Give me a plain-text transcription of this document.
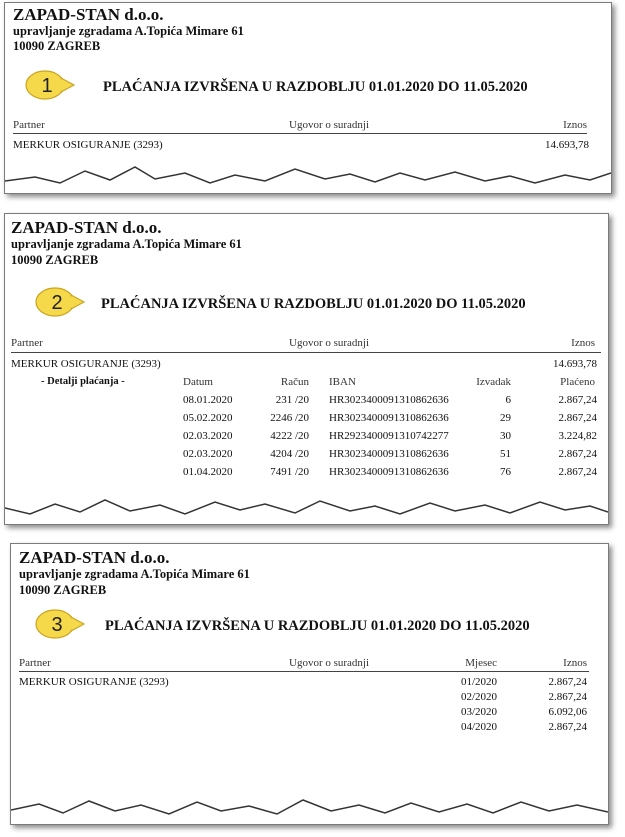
ZAPAD-STAN d.o.o.
upravljanje zgradama A.Topića Mimare 61
10090 ZAGREB
1	PLAĆANJA IZVRŠENA U RAZDOBLJU 01.01.2020 DO 11.05.2020
Partner	Ugovor o suradnji	Iznos
MERKUR OSIGURANJE (3293)	14.693,78
ZAPAD-STAN d.o.o.
upravljanje zgradama A.Topića Mimare 61
10090 ZAGREB
2	PLAĆANJA IZVRŠENA U RAZDOBLJU 01.01.2020 DO 11.05.2020
Partner	Ugovor o suradnji	Iznos
MERKUR OSIGURANJE (3293)	14.693,78
- Detalji plaćanja -	Datum	Račun IBAN	Izvadak	Plaćeno
08.01.2020	231 /20 HR3023400091310862636	6	2.867,24
05.02.2020	2246 /20 HR3023400091310862636	29	2.867,24
02.03.2020	4222 /20 HR2923400091310742277	30	3.224,82
02.03.2020	4204 /20 HR3023400091310862636	51	2.867,24
01.04.2020	7491 /20 HR3023400091310862636	76	2.867,24
ZAPAD-STAN d.o.o.
upravljanje zgradama A.Topića Mimare 61
10090 ZAGREB
3	PLAĆANJA IZVRŠENA U RAZDOBLJU 01.01.2020 DO 11.05.2020
Partner	Ugovor o suradnji	Mjesec	Iznos
MERKUR OSIGURANJE (3293)	01/2020	2.867,24
02/2020	2.867,24
03/2020	6.092,06
04/2020	2.867,24
